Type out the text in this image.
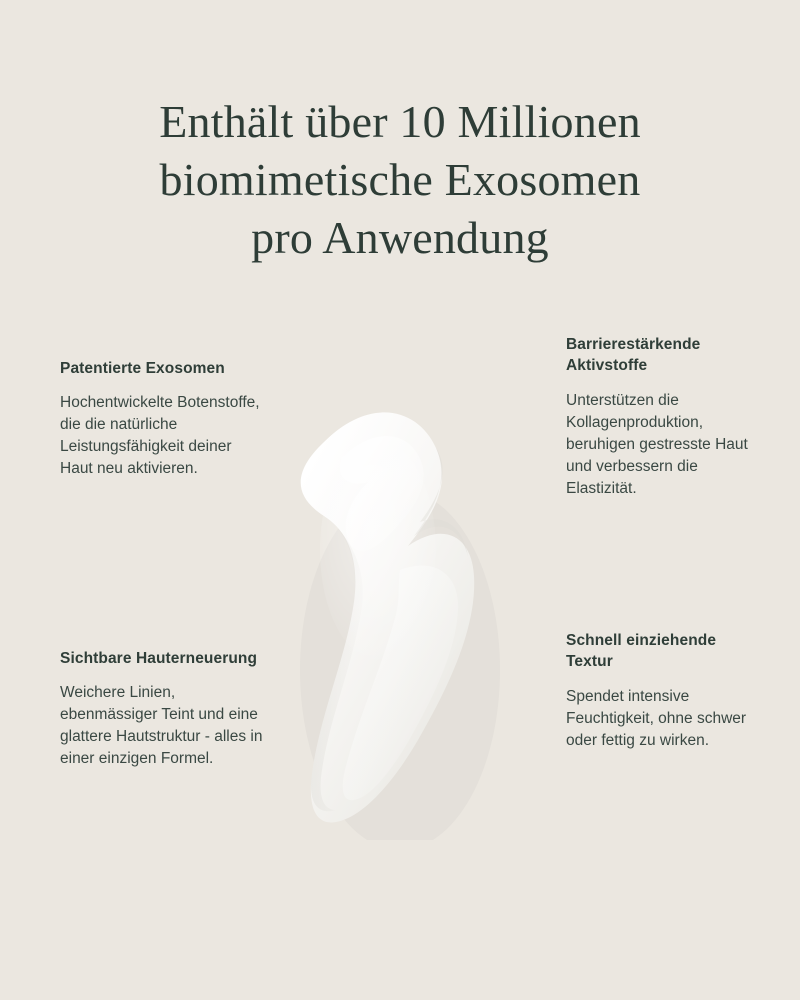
Enthält über 10 Millionen
biomimetische Exosomen
pro Anwendung

Patentierte Exosomen

Hochentwickelte Botenstoffe, die die natürliche Leistungsfähigkeit deiner Haut neu aktivieren.

Barrierestärkende Aktivstoffe

Unterstützen die Kollagenproduktion, beruhigen gestresste Haut und verbessern die Elastizität.

Sichtbare Hauterneuerung

Weichere Linien, ebenmässiger Teint und eine glattere Hautstruktur - alles in einer einzigen Formel.

Schnell einziehende Textur

Spendet intensive Feuchtigkeit, ohne schwer oder fettig zu wirken.
